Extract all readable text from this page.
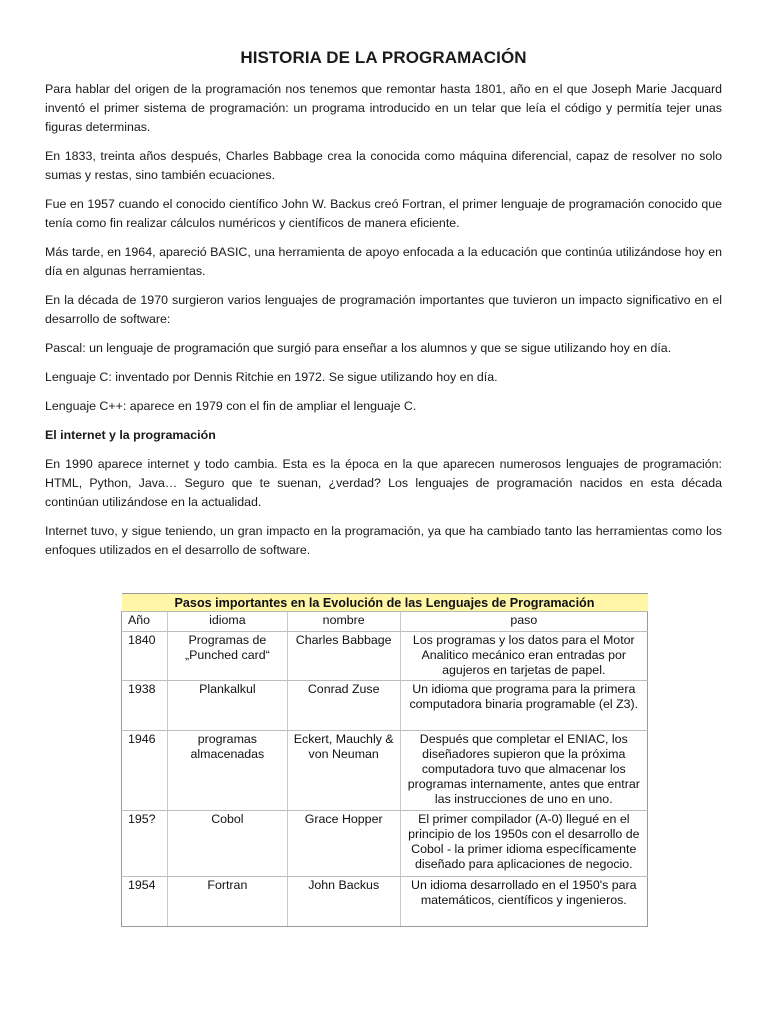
HISTORIA DE LA PROGRAMACIÓN

Para hablar del origen de la programación nos tenemos que remontar hasta 1801, año en el que Joseph Marie Jacquard inventó el primer sistema de programación: un programa introducido en un telar que leía el código y permitía tejer unas figuras determinas.

En 1833, treinta años después, Charles Babbage crea la conocida como máquina diferencial, capaz de resolver no solo sumas y restas, sino también ecuaciones.

Fue en 1957 cuando el conocido científico John W. Backus creó Fortran, el primer lenguaje de programación conocido que tenía como fin realizar cálculos numéricos y científicos de manera eficiente.

Más tarde, en 1964, apareció BASIC, una herramienta de apoyo enfocada a la educación que continúa utilizándose hoy en día en algunas herramientas.

En la década de 1970 surgieron varios lenguajes de programación importantes que tuvieron un impacto significativo en el desarrollo de software:

Pascal: un lenguaje de programación que surgió para enseñar a los alumnos y que se sigue utilizando hoy en día.

Lenguaje C: inventado por Dennis Ritchie en 1972. Se sigue utilizando hoy en día.

Lenguaje C++: aparece en 1979 con el fin de ampliar el lenguaje C.

El internet y la programación

En 1990 aparece internet y todo cambia. Esta es la época en la que aparecen numerosos lenguajes de programación: HTML, Python, Java… Seguro que te suenan, ¿verdad? Los lenguajes de programación nacidos en esta década continúan utilizándose en la actualidad.

Internet tuvo, y sigue teniendo, un gran impacto en la programación, ya que ha cambiado tanto las herramientas como los enfoques utilizados en el desarrollo de software.

Pasos importantes en la Evolución de las Lenguajes de Programación			
Año	idioma	nombre	paso
1840	Programas de „Punched card“	Charles Babbage	Los programas y los datos para el Motor Analitico mecánico eran entradas por agujeros en tarjetas de papel.
1938	Plankalkul	Conrad Zuse	Un idioma que programa para la primera computadora binaria programable (el Z3).
1946	programas almacenadas	Eckert, Mauchly & von Neuman	Después que completar el ENIAC, los diseñadores supieron que la próxima computadora tuvo que almacenar los programas internamente, antes que entrar las instrucciones de uno en uno.
195?	Cobol	Grace Hopper	El primer compilador (A-0) llegué en el principio de los 1950s con el desarrollo de Cobol - la primer idioma específicamente diseñado para aplicaciones de negocio.
1954	Fortran	John Backus	Un idioma desarrollado en el 1950's para matemáticos, científicos y ingenieros.
